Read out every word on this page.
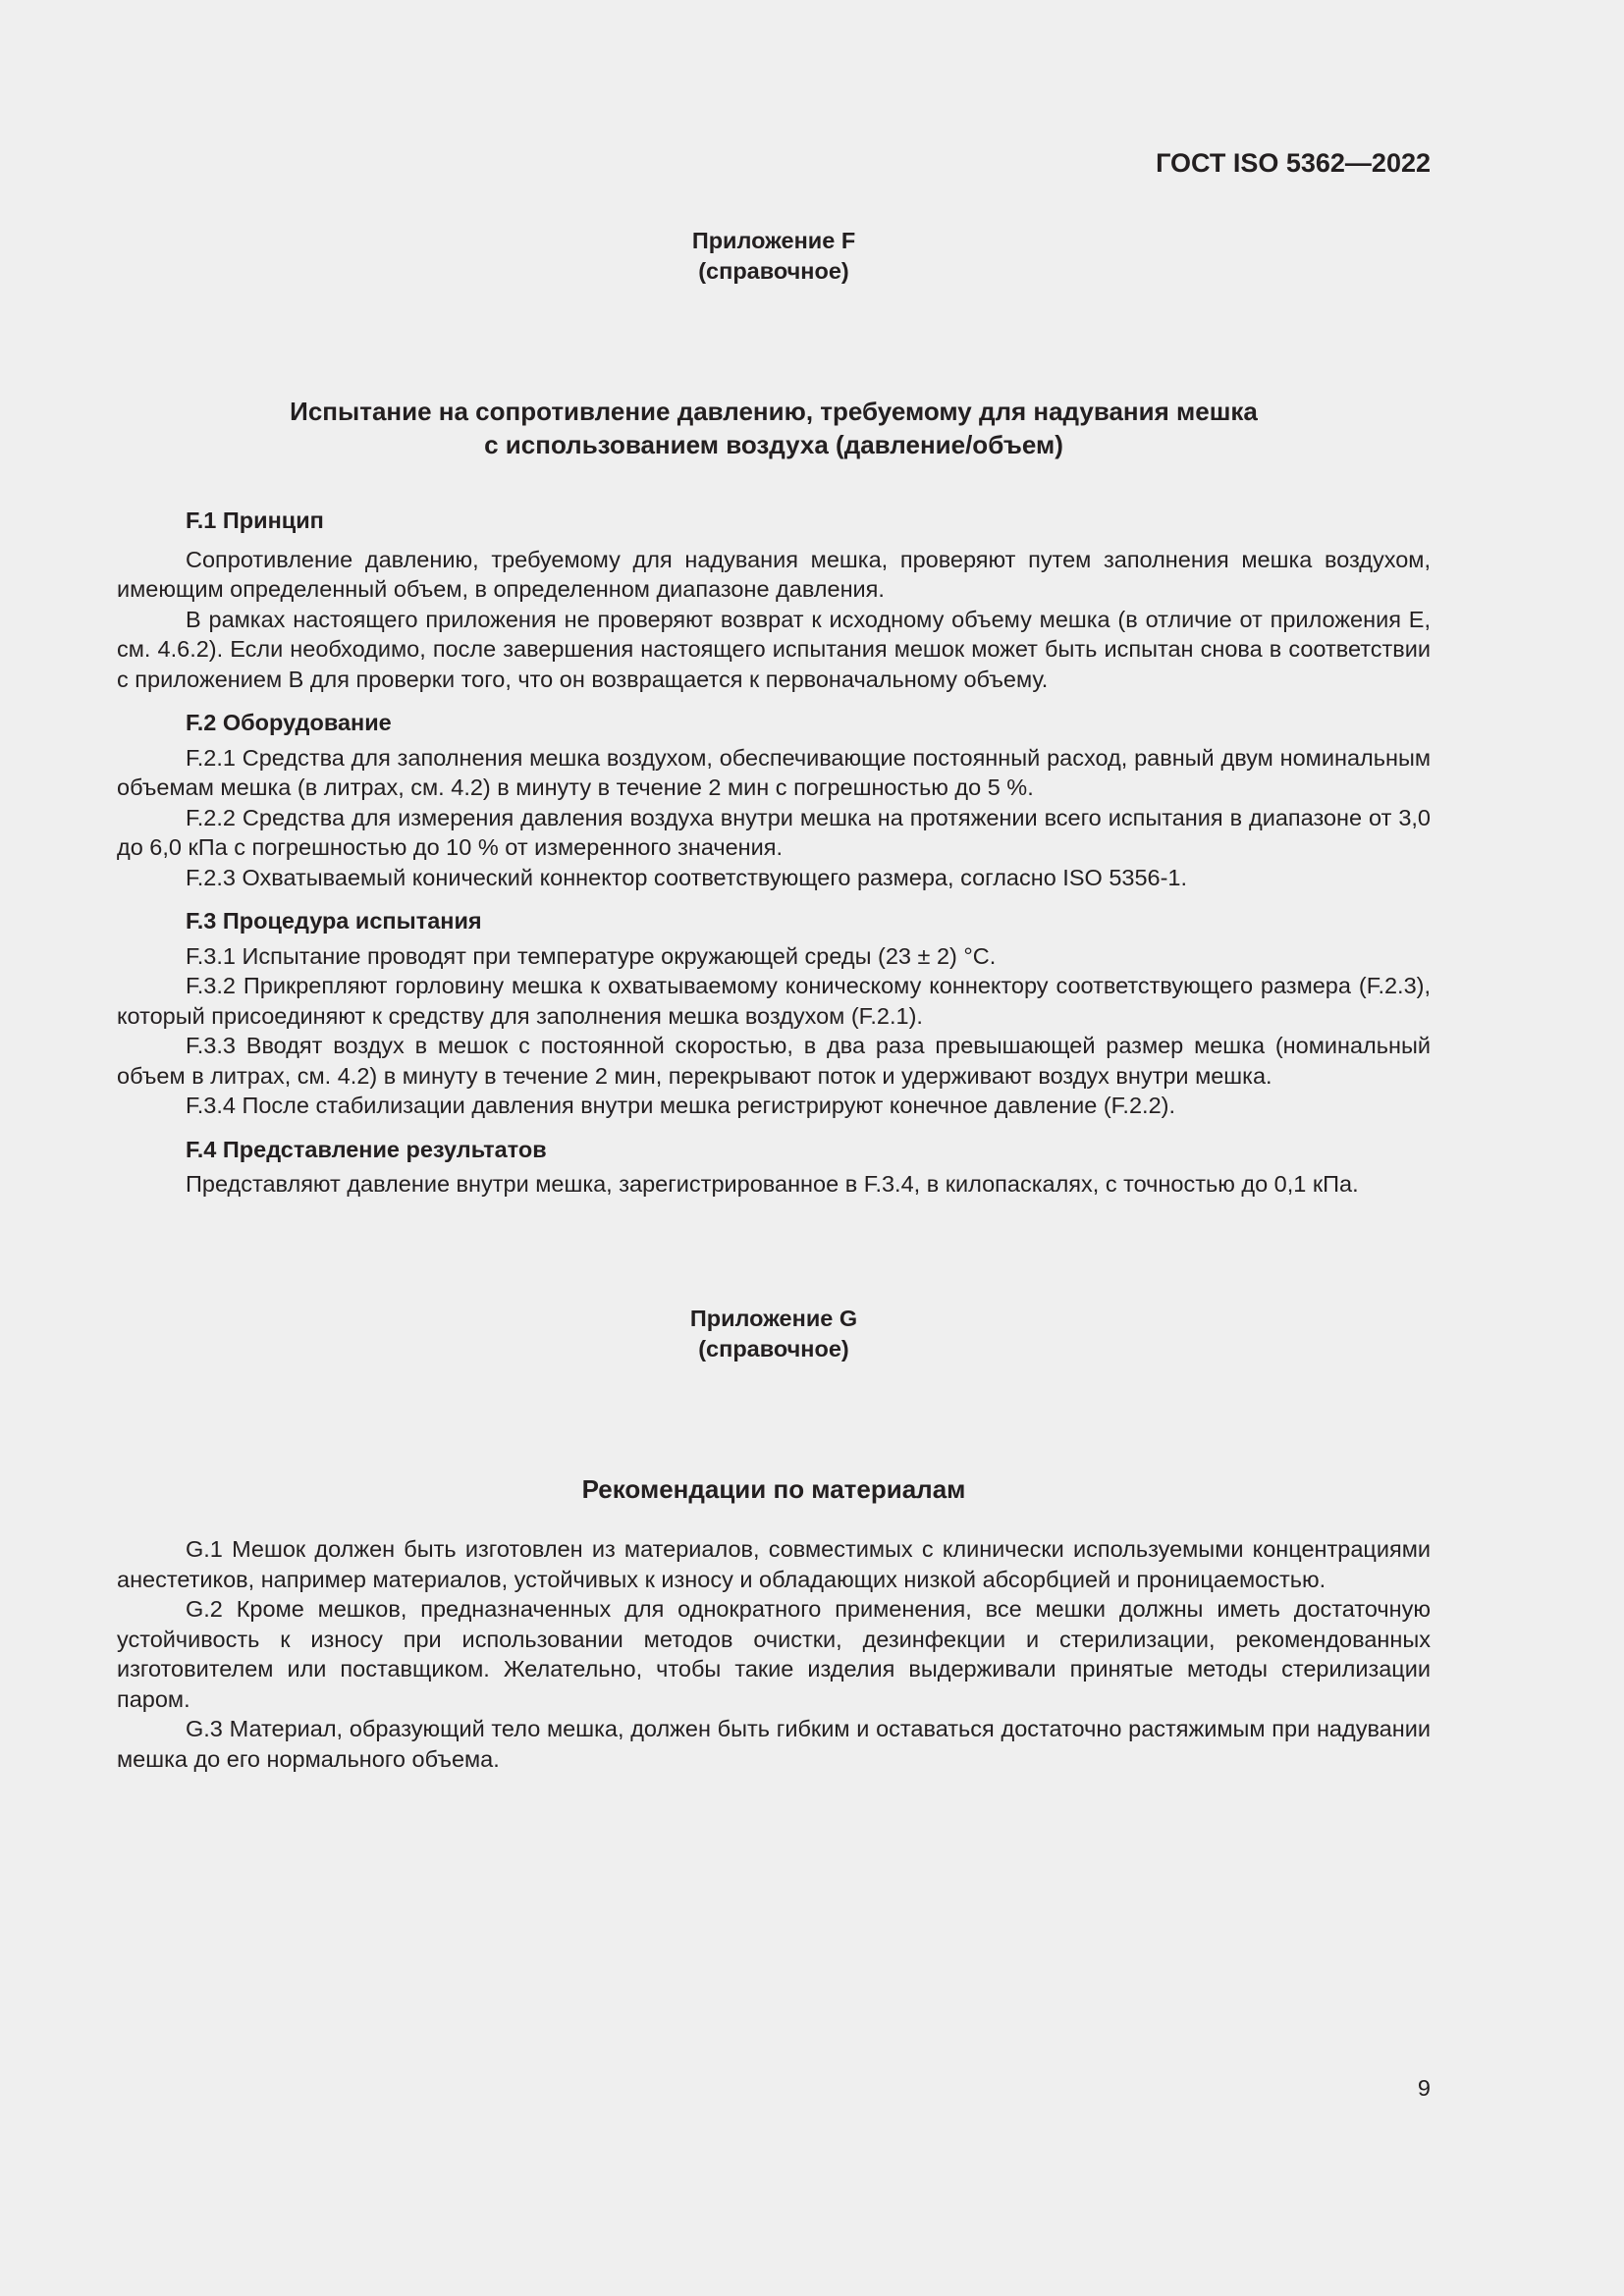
ГОСТ ISO 5362—2022
Приложение F
(справочное)
Испытание на сопротивление давлению, требуемому для надувания мешка
с использованием воздуха (давление/объем)

F.1 Принцип

Сопротивление давлению, требуемому для надувания мешка, проверяют путем заполнения мешка воздухом, имеющим определенный объем, в определенном диапазоне давления.

В рамках настоящего приложения не проверяют возврат к исходному объему мешка (в отличие от приложения Е, см. 4.6.2). Если необходимо, после завершения настоящего испытания мешок может быть испытан снова в соответствии с приложением В для проверки того, что он возвращается к первоначальному объему.

F.2 Оборудование

F.2.1 Средства для заполнения мешка воздухом, обеспечивающие постоянный расход, равный двум номинальным объемам мешка (в литрах, см. 4.2) в минуту в течение 2 мин с погрешностью до 5 %.

F.2.2 Средства для измерения давления воздуха внутри мешка на протяжении всего испытания в диапазоне от 3,0 до 6,0 кПа с погрешностью до 10 % от измеренного значения.

F.2.3 Охватываемый конический коннектор соответствующего размера, согласно ISO 5356-1.

F.3 Процедура испытания

F.3.1 Испытание проводят при температуре окружающей среды (23 ± 2) °С.

F.3.2 Прикрепляют горловину мешка к охватываемому коническому коннектору соответствующего размера (F.2.3), который присоединяют к средству для заполнения мешка воздухом (F.2.1).

F.3.3 Вводят воздух в мешок с постоянной скоростью, в два раза превышающей размер мешка (номинальный объем в литрах, см. 4.2) в минуту в течение 2 мин, перекрывают поток и удерживают воздух внутри мешка.

F.3.4 После стабилизации давления внутри мешка регистрируют конечное давление (F.2.2).

F.4 Представление результатов

Представляют давление внутри мешка, зарегистрированное в F.3.4, в килопаскалях, с точностью до 0,1 кПа.

Приложение G
(справочное)
Рекомендации по материалам

G.1 Мешок должен быть изготовлен из материалов, совместимых с клинически используемыми концентрациями анестетиков, например материалов, устойчивых к износу и обладающих низкой абсорбцией и проницаемостью.

G.2 Кроме мешков, предназначенных для однократного применения, все мешки должны иметь достаточную устойчивость к износу при использовании методов очистки, дезинфекции и стерилизации, рекомендованных изготовителем или поставщиком. Желательно, чтобы такие изделия выдерживали принятые методы стерилизации паром.

G.3 Материал, образующий тело мешка, должен быть гибким и оставаться достаточно растяжимым при надувании мешка до его нормального объема.

9
